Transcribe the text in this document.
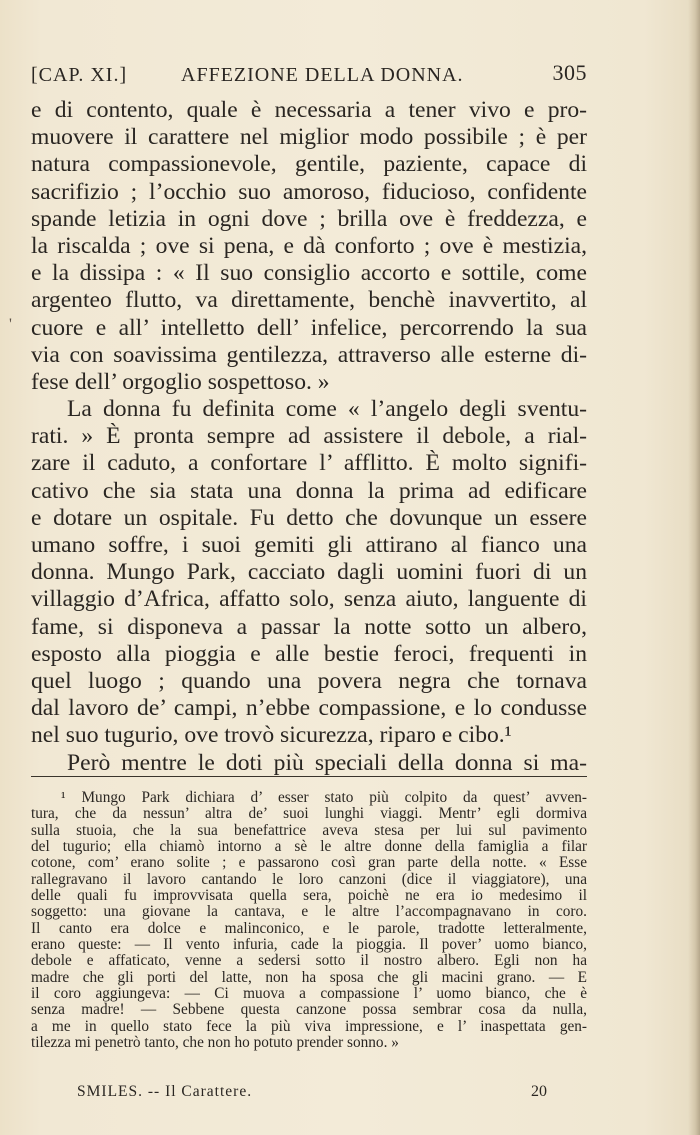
[CAP. XI.]	AFFEZIONE DELLA DONNA.	305
'
e di contento, quale è necessaria a tener vivo e pro-
muovere il carattere nel miglior modo possibile ; è per
natura compassionevole, gentile, paziente, capace di
sacrifizio ; l’occhio suo amoroso, fiducioso, confidente
spande letizia in ogni dove ; brilla ove è freddezza, e
la riscalda ; ove si pena, e dà conforto ; ove è mestizia,
e la dissipa : « Il suo consiglio accorto e sottile, come
argenteo flutto, va direttamente, benchè inavvertito, al
cuore e all’ intelletto dell’ infelice, percorrendo la sua
via con soavissima gentilezza, attraverso alle esterne di-
fese dell’ orgoglio sospettoso. »
La donna fu definita come « l’angelo degli sventu-
rati. » È pronta sempre ad assistere il debole, a rial-
zare il caduto, a confortare l’ afflitto. È molto signifi-
cativo che sia stata una donna la prima ad edificare
e dotare un ospitale. Fu detto che dovunque un essere
umano soffre, i suoi gemiti gli attirano al fianco una
donna. Mungo Park, cacciato dagli uomini fuori di un
villaggio d’Africa, affatto solo, senza aiuto, languente di
fame, si disponeva a passar la notte sotto un albero,
esposto alla pioggia e alle bestie feroci, frequenti in
quel luogo ; quando una povera negra che tornava
dal lavoro de’ campi, n’ebbe compassione, e lo condusse
nel suo tugurio, ove trovò sicurezza, riparo e cibo.¹
Però mentre le doti più speciali della donna si ma-
¹ Mungo Park dichiara d’ esser stato più colpito da quest’ avven-
tura, che da nessun’ altra de’ suoi lunghi viaggi. Mentr’ egli dormiva
sulla stuoia, che la sua benefattrice aveva stesa per lui sul pavimento
del tugurio; ella chiamò intorno a sè le altre donne della famiglia a filar
cotone, com’ erano solite ; e passarono così gran parte della notte. « Esse
rallegravano il lavoro cantando le loro canzoni (dice il viaggiatore), una
delle quali fu improvvisata quella sera, poichè ne era io medesimo il
soggetto: una giovane la cantava, e le altre l’accompagnavano in coro.
Il canto era dolce e malinconico, e le parole, tradotte letteralmente,
erano queste: — Il vento infuria, cade la pioggia. Il pover’ uomo bianco,
debole e affaticato, venne a sedersi sotto il nostro albero. Egli non ha
madre che gli porti del latte, non ha sposa che gli macini grano. — E
il coro aggiungeva: — Ci muova a compassione l’ uomo bianco, che è
senza madre! — Sebbene questa canzone possa sembrar cosa da nulla,
a me in quello stato fece la più viva impressione, e l’ inaspettata gen-
tilezza mi penetrò tanto, che non ho potuto prender sonno. »
SMILES. -- Il Carattere.	20
